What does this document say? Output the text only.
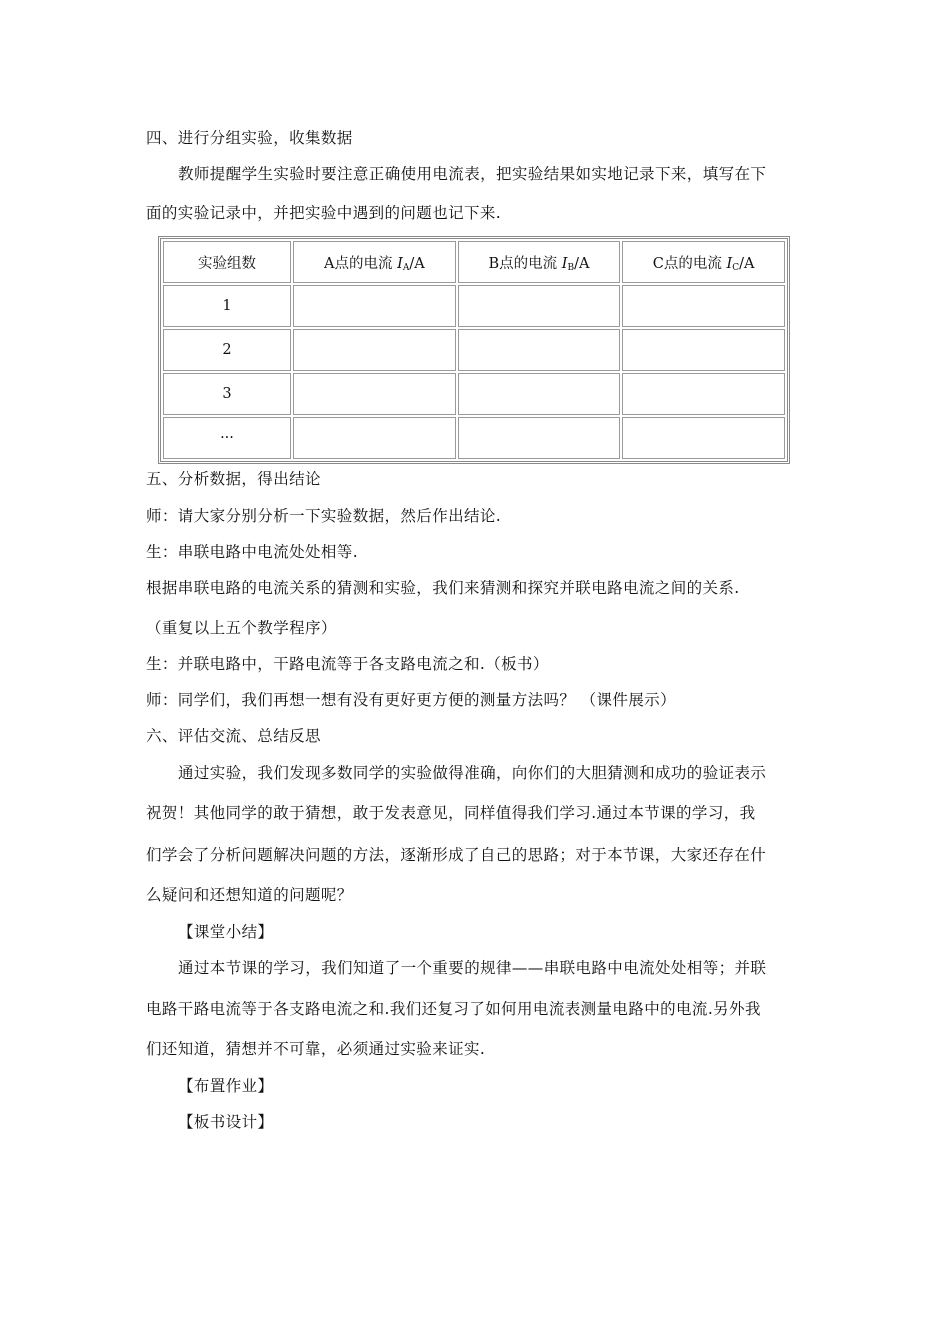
四、进行分组实验，收集数据
教师提醒学生实验时要注意正确使用电流表，把实验结果如实地记录下来，填写在下
面的实验记录中，并把实验中遇到的问题也记下来.
实验组数	A点的电流 $I_A/A$	B点的电流 $I_B/A$	C点的电流 $I_C/A$
1			
2			
3			
···			
五、分析数据，得出结论
师：请大家分别分析一下实验数据，然后作出结论.
生：串联电路中电流处处相等.
根据串联电路的电流关系的猜测和实验，我们来猜测和探究并联电路电流之间的关系.
（重复以上五个教学程序）
生：并联电路中，干路电流等于各支路电流之和.（板书）
师：同学们，我们再想一想有没有更好更方便的测量方法吗？ （课件展示）
六、评估交流、总结反思
通过实验，我们发现多数同学的实验做得准确，向你们的大胆猜测和成功的验证表示
祝贺！其他同学的敢于猜想，敢于发表意见，同样值得我们学习.通过本节课的学习，我
们学会了分析问题解决问题的方法，逐渐形成了自己的思路；对于本节课，大家还存在什
么疑问和还想知道的问题呢？
【课堂小结】
通过本节课的学习，我们知道了一个重要的规律——串联电路中电流处处相等；并联
电路干路电流等于各支路电流之和.我们还复习了如何用电流表测量电路中的电流.另外我
们还知道，猜想并不可靠，必须通过实验来证实.
【布置作业】
【板书设计】
